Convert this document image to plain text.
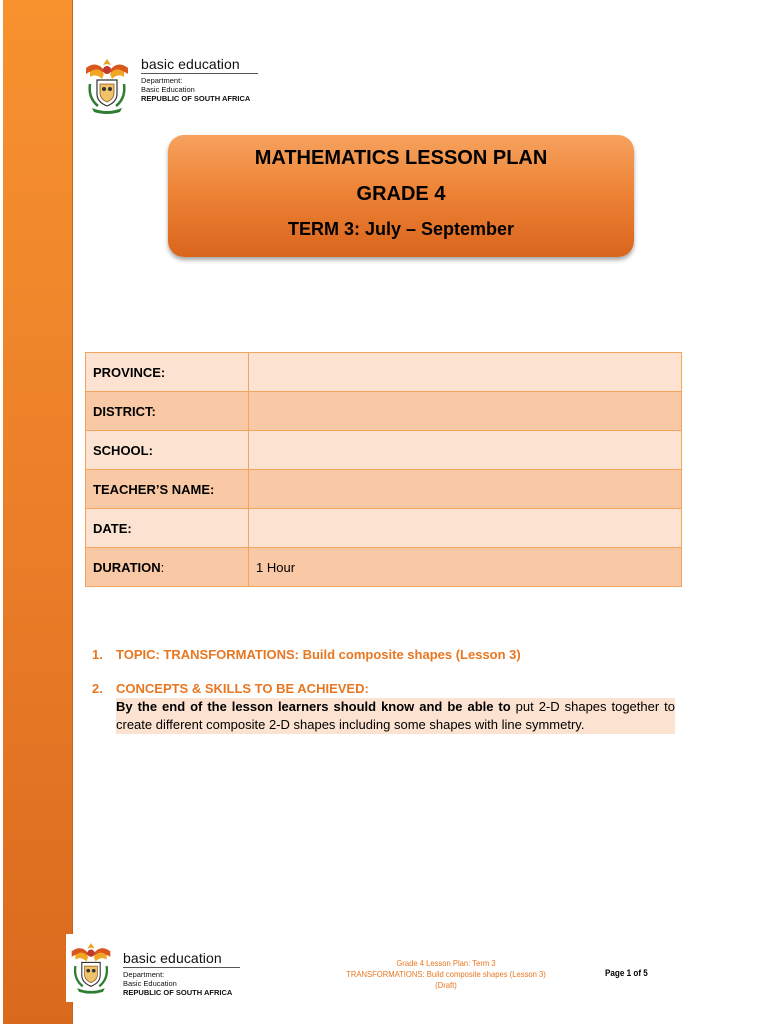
basic education
Department:
Basic Education
REPUBLIC OF SOUTH AFRICA
MATHEMATICS LESSON PLAN
GRADE 4
TERM 3: July – September
PROVINCE:	
DISTRICT:	
SCHOOL:	
TEACHER’S NAME:	
DATE:	
DURATION:	1 Hour
1. TOPIC: TRANSFORMATIONS: Build composite shapes (Lesson 3)
2. CONCEPTS & SKILLS TO BE ACHIEVED:
By the end of the lesson learners should know and be able to put 2-D shapes together to create different composite 2-D shapes including some shapes with line symmetry.
basic education
Department:
Basic Education
REPUBLIC OF SOUTH AFRICA
Grade 4 Lesson Plan: Term 3
TRANSFORMATIONS: Build composite shapes (Lesson 3)
(Draft)
Page 1 of 5
